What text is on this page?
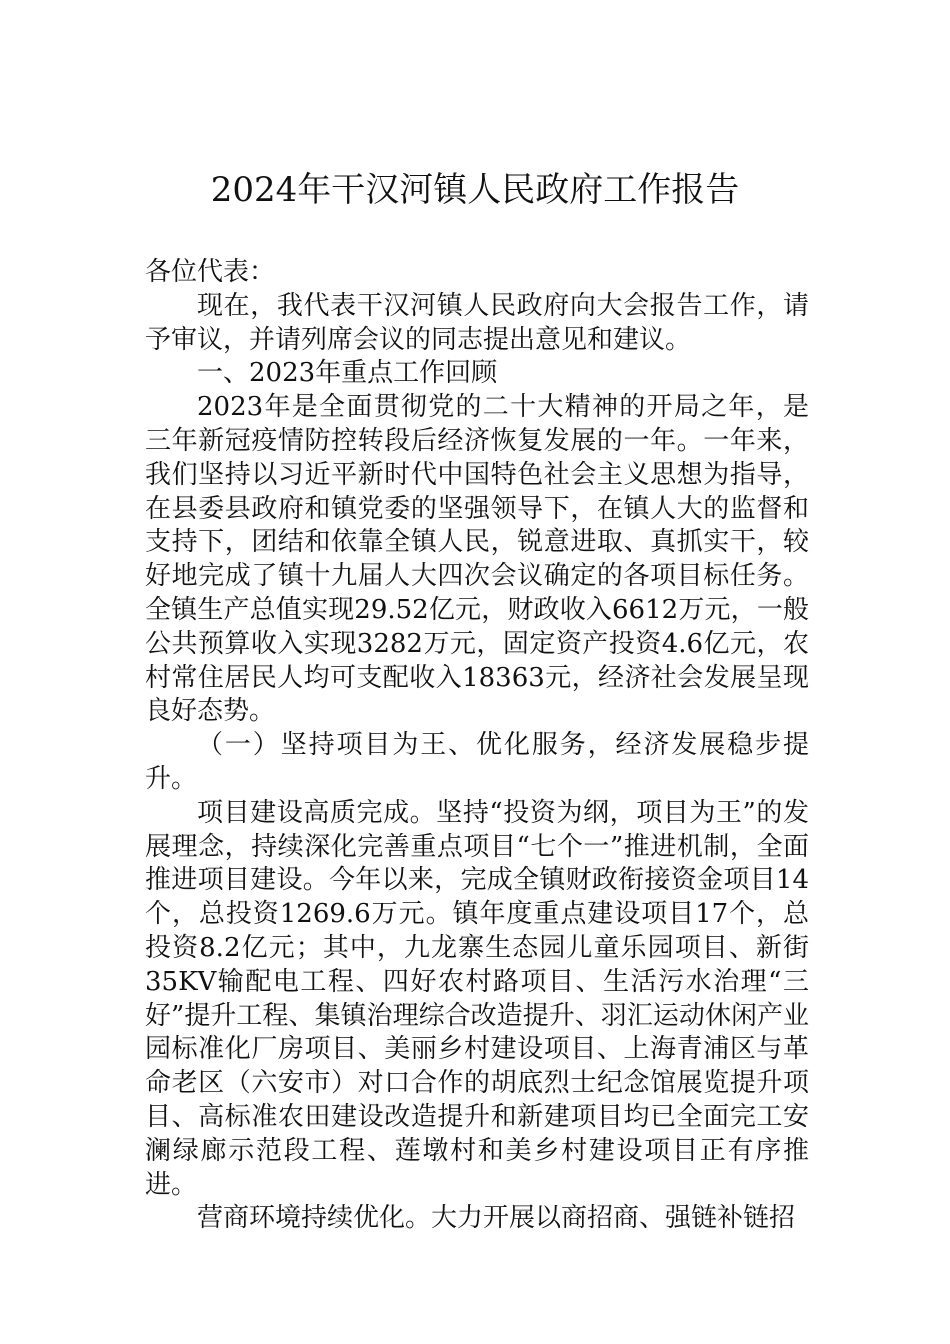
2024年干汉河镇人民政府工作报告

各位代表：

现在，我代表干汉河镇人民政府向大会报告工作，请予审议，并请列席会议的同志提出意见和建议。

一、2023年重点工作回顾

2023年是全面贯彻党的二十大精神的开局之年，是三年新冠疫情防控转段后经济恢复发展的一年。一年来，我们坚持以习近平新时代中国特色社会主义思想为指导，在县委县政府和镇党委的坚强领导下，在镇人大的监督和支持下，团结和依靠全镇人民，锐意进取、真抓实干，较好地完成了镇十九届人大四次会议确定的各项目标任务。全镇生产总值实现29.52亿元，财政收入6612万元，一般公共预算收入实现3282万元，固定资产投资4.6亿元，农村常住居民人均可支配收入18363元，经济社会发展呈现良好态势。

（一）坚持项目为王、优化服务，经济发展稳步提升。

项目建设高质完成。坚持“投资为纲，项目为王”的发展理念，持续深化完善重点项目“七个一”推进机制，全面推进项目建设。今年以来，完成全镇财政衔接资金项目14个，总投资1269.6万元。镇年度重点建设项目17个，总投资8.2亿元；其中，九龙寨生态园儿童乐园项目、新街35KV输配电工程、四好农村路项目、生活污水治理“三好”提升工程、集镇治理综合改造提升、羽汇运动休闲产业园标准化厂房项目、美丽乡村建设项目、上海青浦区与革命老区（六安市）对口合作的胡底烈士纪念馆展览提升项目、高标准农田建设改造提升和新建项目均已全面完工安澜绿廊示范段工程、莲墩村和美乡村建设项目正有序推进。

营商环境持续优化。大力开展以商招商、强链补链招
